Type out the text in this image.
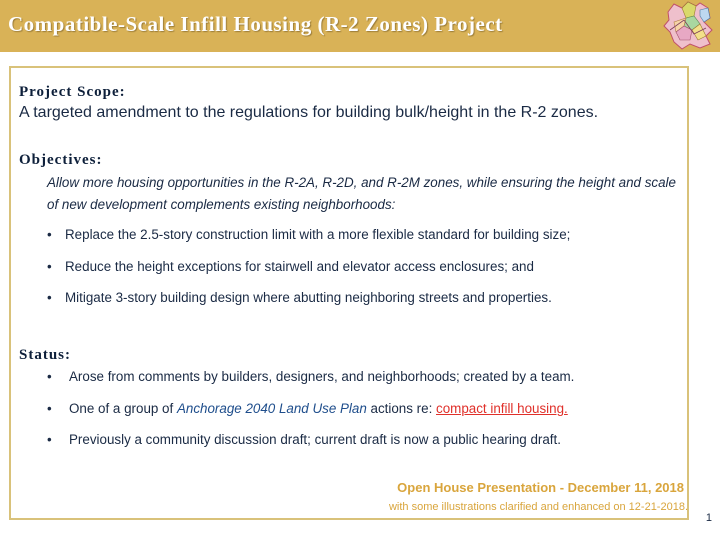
Compatible-Scale Infill Housing (R-2 Zones) Project
Project Scope:
A targeted amendment to the regulations for building bulk/height in the R-2 zones.
Objectives:
Allow more housing opportunities in the R-2A, R-2D, and R-2M zones, while ensuring the height and scale of new development complements existing neighborhoods:
• Replace the 2.5-story construction limit with a more flexible standard for building size;
• Reduce the height exceptions for stairwell and elevator access enclosures; and
• Mitigate 3-story building design where abutting neighboring streets and properties.
Status:
• Arose from comments by builders, designers, and neighborhoods; created by a team.
• One of a group of Anchorage 2040 Land Use Plan actions re: compact infill housing.
• Previously a community discussion draft; current draft is now a public hearing draft.
Open House Presentation - December 11, 2018
with some illustrations clarified and enhanced on 12-21-2018.
1
